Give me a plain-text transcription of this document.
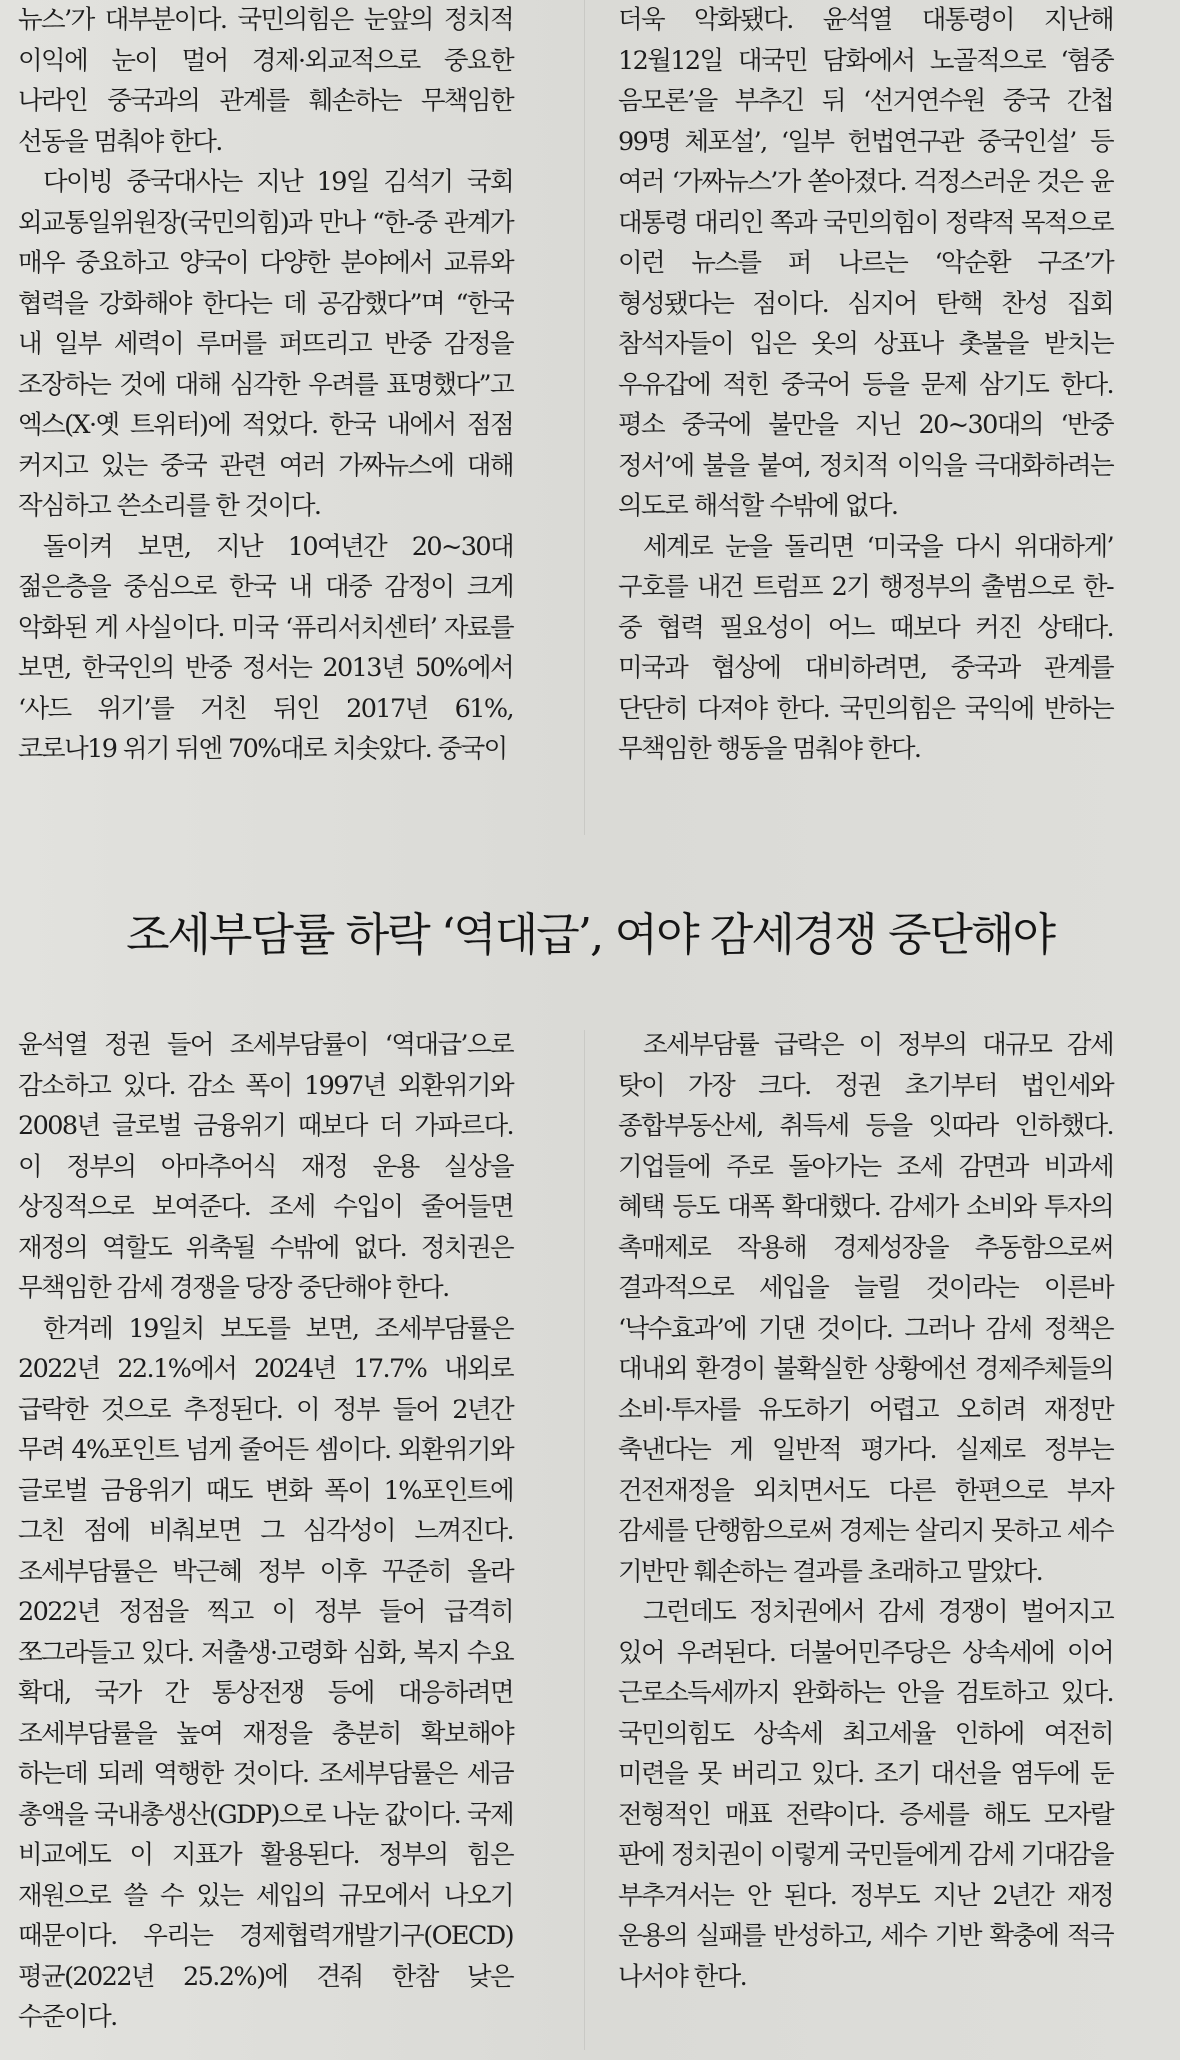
뉴스’가 대부분이다. 국민의힘은 눈앞의 정치적 이익에 눈이 멀어 경제·외교적으로 중요한 나라인 중국과의 관계를 훼손하는 무책임한 선동을 멈춰야 한다.

다이빙 중국대사는 지난 19일 김석기 국회 외교통일위원장(국민의힘)과 만나 “한-중 관계가 매우 중요하고 양국이 다양한 분야에서 교류와 협력을 강화해야 한다는 데 공감했다”며 “한국 내 일부 세력이 루머를 퍼뜨리고 반중 감정을 조장하는 것에 대해 심각한 우려를 표명했다”고 엑스(X·옛 트위터)에 적었다. 한국 내에서 점점 커지고 있는 중국 관련 여러 가짜뉴스에 대해 작심하고 쓴소리를 한 것이다.

돌이켜 보면, 지난 10여년간 20~30대 젊은층을 중심으로 한국 내 대중 감정이 크게 악화된 게 사실이다. 미국 ‘퓨리서치센터’ 자료를 보면, 한국인의 반중 정서는 2013년 50%에서 ‘사드 위기’를 거친 뒤인 2017년 61%, 코로나19 위기 뒤엔 70%대로 치솟았다. 중국이

더욱 악화됐다. 윤석열 대통령이 지난해 12월12일 대국민 담화에서 노골적으로 ‘혐중 음모론’을 부추긴 뒤 ‘선거연수원 중국 간첩 99명 체포설’, ‘일부 헌법연구관 중국인설’ 등 여러 ‘가짜뉴스’가 쏟아졌다. 걱정스러운 것은 윤 대통령 대리인 쪽과 국민의힘이 정략적 목적으로 이런 뉴스를 퍼 나르는 ‘악순환 구조’가 형성됐다는 점이다. 심지어 탄핵 찬성 집회 참석자들이 입은 옷의 상표나 촛불을 받치는 우유갑에 적힌 중국어 등을 문제 삼기도 한다. 평소 중국에 불만을 지닌 20~30대의 ‘반중 정서’에 불을 붙여, 정치적 이익을 극대화하려는 의도로 해석할 수밖에 없다.

세계로 눈을 돌리면 ‘미국을 다시 위대하게’ 구호를 내건 트럼프 2기 행정부의 출범으로 한-중 협력 필요성이 어느 때보다 커진 상태다. 미국과 협상에 대비하려면, 중국과 관계를 단단히 다져야 한다. 국민의힘은 국익에 반하는 무책임한 행동을 멈춰야 한다.

조세부담률 하락 ‘역대급’, 여야 감세경쟁 중단해야

윤석열 정권 들어 조세부담률이 ‘역대급’으로 감소하고 있다. 감소 폭이 1997년 외환위기와 2008년 글로벌 금융위기 때보다 더 가파르다. 이 정부의 아마추어식 재정 운용 실상을 상징적으로 보여준다. 조세 수입이 줄어들면 재정의 역할도 위축될 수밖에 없다. 정치권은 무책임한 감세 경쟁을 당장 중단해야 한다.

한겨레 19일치 보도를 보면, 조세부담률은 2022년 22.1%에서 2024년 17.7% 내외로 급락한 것으로 추정된다. 이 정부 들어 2년간 무려 4%포인트 넘게 줄어든 셈이다. 외환위기와 글로벌 금융위기 때도 변화 폭이 1%포인트에 그친 점에 비춰보면 그 심각성이 느껴진다. 조세부담률은 박근혜 정부 이후 꾸준히 올라 2022년 정점을 찍고 이 정부 들어 급격히 쪼그라들고 있다. 저출생·고령화 심화, 복지 수요 확대, 국가 간 통상전쟁 등에 대응하려면 조세부담률을 높여 재정을 충분히 확보해야 하는데 되레 역행한 것이다. 조세부담률은 세금 총액을 국내총생산(GDP)으로 나눈 값이다. 국제 비교에도 이 지표가 활용된다. 정부의 힘은 재원으로 쓸 수 있는 세입의 규모에서 나오기 때문이다. 우리는 경제협력개발기구(OECD) 평균(2022년 25.2%)에 견줘 한참 낮은 수준이다.

조세부담률 급락은 이 정부의 대규모 감세 탓이 가장 크다. 정권 초기부터 법인세와 종합부동산세, 취득세 등을 잇따라 인하했다. 기업들에 주로 돌아가는 조세 감면과 비과세 혜택 등도 대폭 확대했다. 감세가 소비와 투자의 촉매제로 작용해 경제성장을 추동함으로써 결과적으로 세입을 늘릴 것이라는 이른바 ‘낙수효과’에 기댄 것이다. 그러나 감세 정책은 대내외 환경이 불확실한 상황에선 경제주체들의 소비·투자를 유도하기 어렵고 오히려 재정만 축낸다는 게 일반적 평가다. 실제로 정부는 건전재정을 외치면서도 다른 한편으로 부자 감세를 단행함으로써 경제는 살리지 못하고 세수 기반만 훼손하는 결과를 초래하고 말았다.

그런데도 정치권에서 감세 경쟁이 벌어지고 있어 우려된다. 더불어민주당은 상속세에 이어 근로소득세까지 완화하는 안을 검토하고 있다. 국민의힘도 상속세 최고세율 인하에 여전히 미련을 못 버리고 있다. 조기 대선을 염두에 둔 전형적인 매표 전략이다. 증세를 해도 모자랄 판에 정치권이 이렇게 국민들에게 감세 기대감을 부추겨서는 안 된다. 정부도 지난 2년간 재정 운용의 실패를 반성하고, 세수 기반 확충에 적극 나서야 한다.
